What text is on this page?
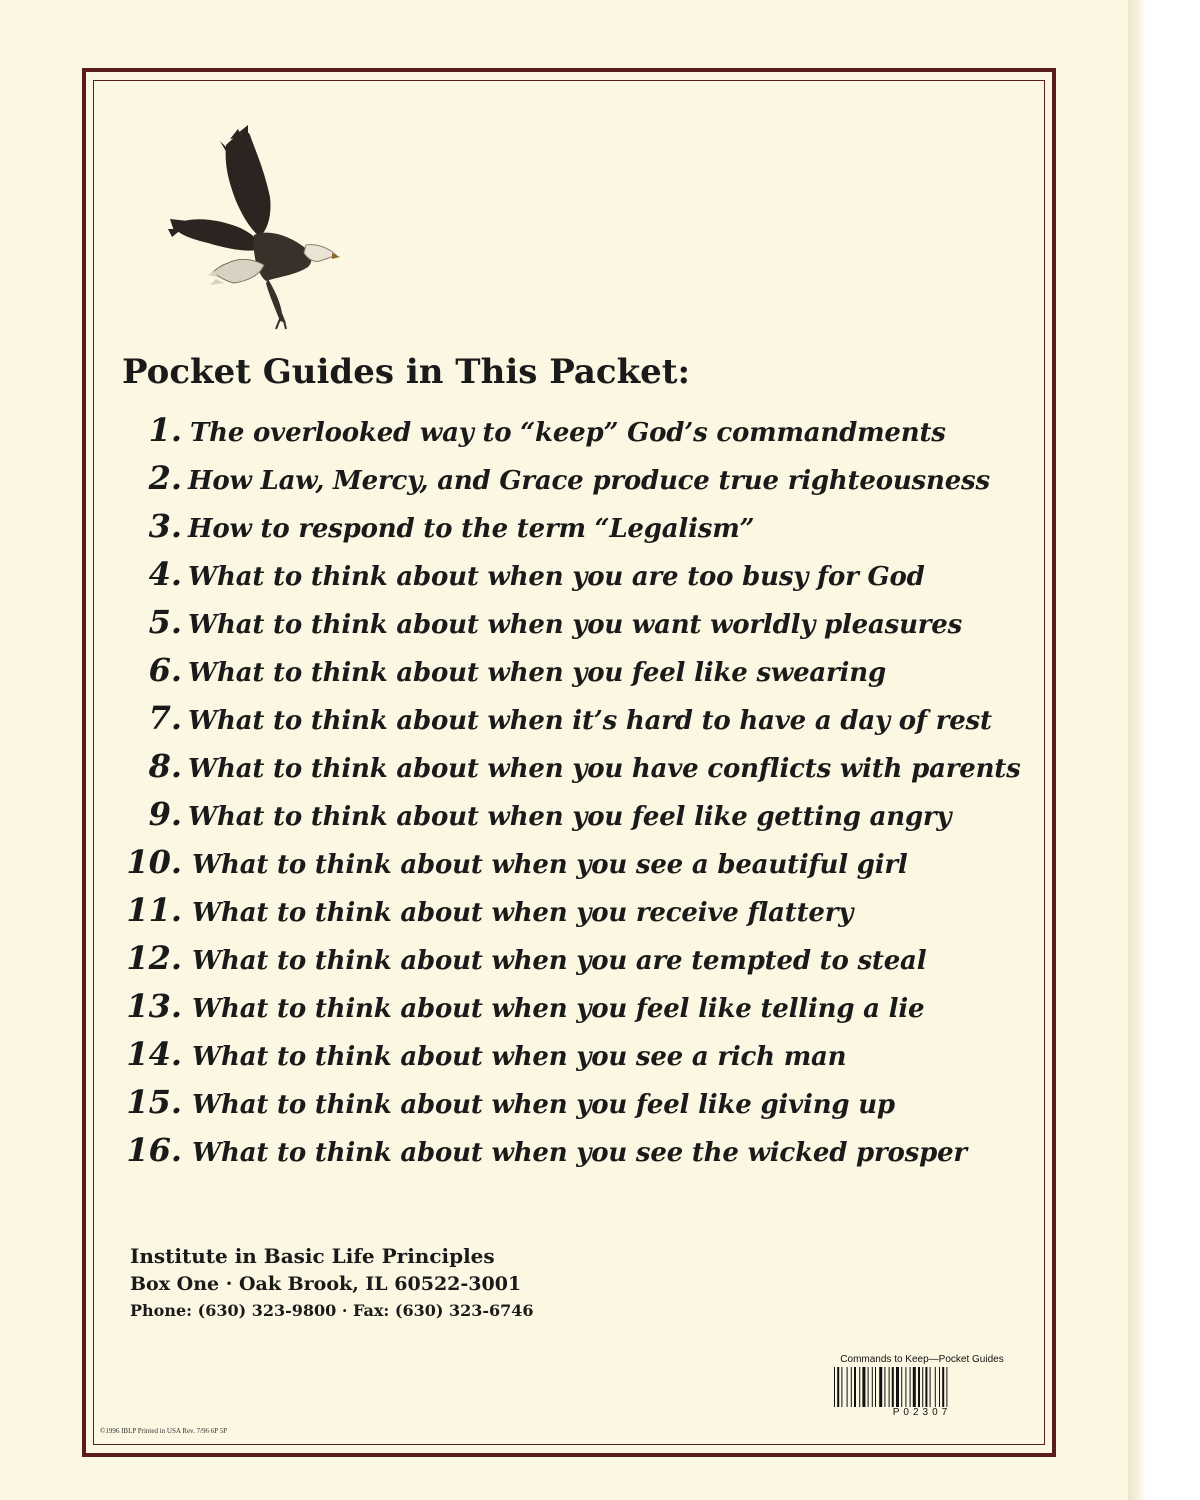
Pocket Guides in This Packet:
1. The overlooked way to “keep” God’s commandments
2. How Law, Mercy, and Grace produce true righteousness
3. How to respond to the term “Legalism”
4. What to think about when you are too busy for God
5. What to think about when you want worldly pleasures
6. What to think about when you feel like swearing
7. What to think about when it’s hard to have a day of rest
8. What to think about when you have conflicts with parents
9. What to think about when you feel like getting angry
10. What to think about when you see a beautiful girl
11. What to think about when you receive flattery
12. What to think about when you are tempted to steal
13. What to think about when you feel like telling a lie
14. What to think about when you see a rich man
15. What to think about when you feel like giving up
16. What to think about when you see the wicked prosper
Institute in Basic Life Principles
Box One · Oak Brook, IL 60522-3001
Phone: (630) 323-9800 · Fax: (630) 323-6746
Commands to Keep—Pocket Guides
P02307
©1996 IBLP Printed in USA Rev. 7/96 6P 5P
